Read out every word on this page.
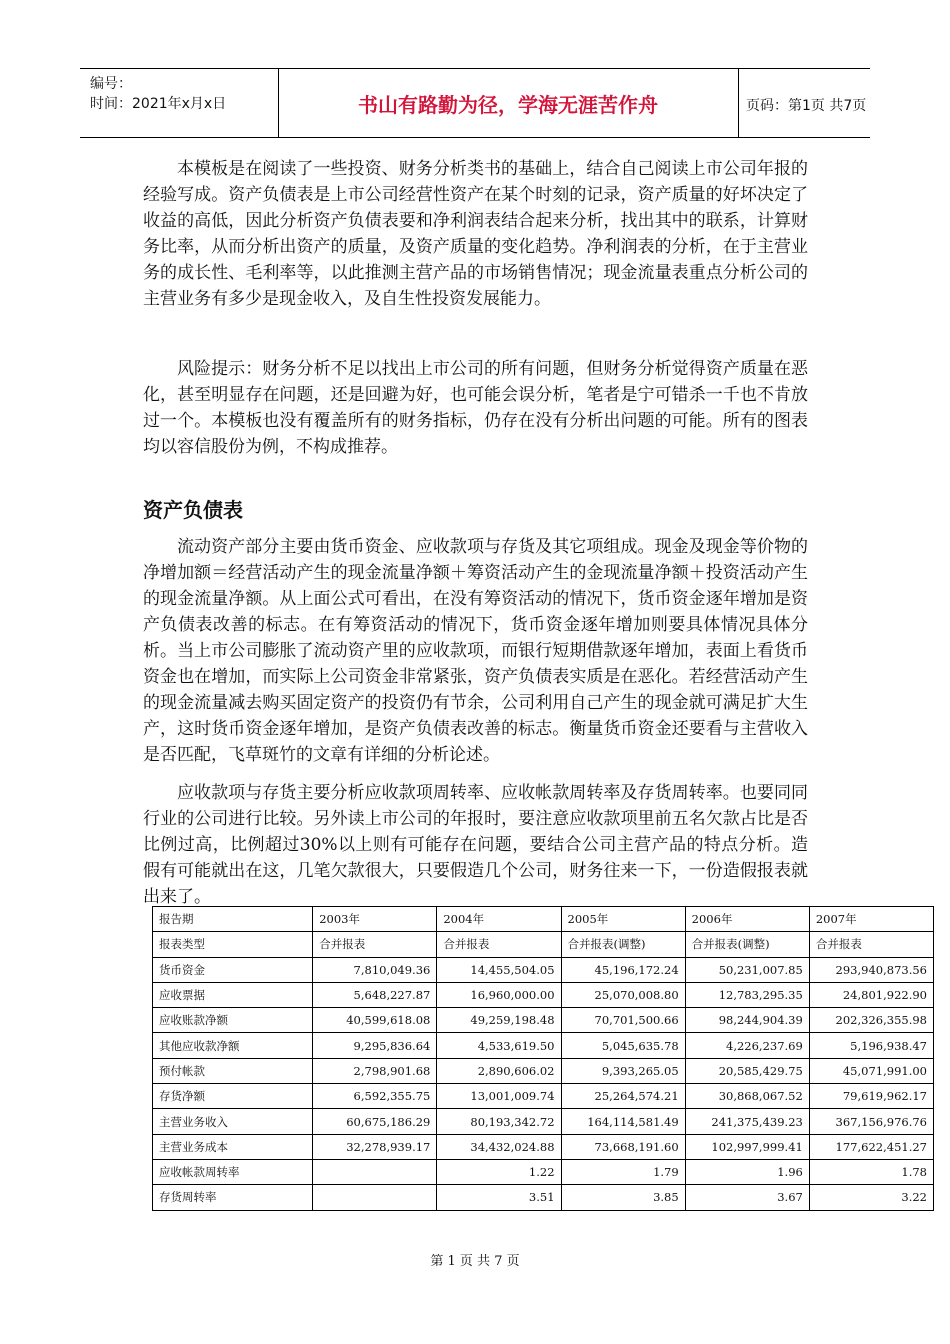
编号：
时间：2021年x月x日	书山有路勤为径，学海无涯苦作舟	页码：第1页 共7页

本模板是在阅读了一些投资、财务分析类书的基础上，结合自己阅读上市公司年报的经验写成。资产负债表是上市公司经营性资产在某个时刻的记录，资产质量的好坏决定了收益的高低，因此分析资产负债表要和净利润表结合起来分析，找出其中的联系，计算财务比率，从而分析出资产的质量，及资产质量的变化趋势。净利润表的分析，在于主营业务的成长性、毛利率等，以此推测主营产品的市场销售情况；现金流量表重点分析公司的主营业务有多少是现金收入，及自生性投资发展能力。

风险提示：财务分析不足以找出上市公司的所有问题，但财务分析觉得资产质量在恶化，甚至明显存在问题，还是回避为好，也可能会误分析，笔者是宁可错杀一千也不肯放过一个。本模板也没有覆盖所有的财务指标，仍存在没有分析出问题的可能。所有的图表均以容信股份为例，不构成推荐。

资产负债表

流动资产部分主要由货币资金、应收款项与存货及其它项组成。现金及现金等价物的净增加额＝经营活动产生的现金流量净额＋筹资活动产生的金现流量净额＋投资活动产生的现金流量净额。从上面公式可看出，在没有筹资活动的情况下，货币资金逐年增加是资产负债表改善的标志。在有筹资活动的情况下，货币资金逐年增加则要具体情况具体分析。当上市公司膨胀了流动资产里的应收款项，而银行短期借款逐年增加，表面上看货币资金也在增加，而实际上公司资金非常紧张，资产负债表实质是在恶化。若经营活动产生的现金流量减去购买固定资产的投资仍有节余，公司利用自己产生的现金就可满足扩大生产，这时货币资金逐年增加，是资产负债表改善的标志。衡量货币资金还要看与主营收入是否匹配，飞草斑竹的文章有详细的分析论述。

应收款项与存货主要分析应收款项周转率、应收帐款周转率及存货周转率。也要同同行业的公司进行比较。另外读上市公司的年报时，要注意应收款项里前五名欠款占比是否比例过高，比例超过30%以上则有可能存在问题，要结合公司主营产品的特点分析。造假有可能就出在这，几笔欠款很大，只要假造几个公司，财务往来一下，一份造假报表就出来了。

报告期	2003年	2004年	2005年	2006年	2007年
报表类型	合并报表	合并报表	合并报表(调整)	合并报表(调整)	合并报表
货币资金	7,810,049.36	14,455,504.05	45,196,172.24	50,231,007.85	293,940,873.56
应收票据	5,648,227.87	16,960,000.00	25,070,008.80	12,783,295.35	24,801,922.90
应收账款净额	40,599,618.08	49,259,198.48	70,701,500.66	98,244,904.39	202,326,355.98
其他应收款净额	9,295,836.64	4,533,619.50	5,045,635.78	4,226,237.69	5,196,938.47
预付帐款	2,798,901.68	2,890,606.02	9,393,265.05	20,585,429.75	45,071,991.00
存货净额	6,592,355.75	13,001,009.74	25,264,574.21	30,868,067.52	79,619,962.17
主营业务收入	60,675,186.29	80,193,342.72	164,114,581.49	241,375,439.23	367,156,976.76
主营业务成本	32,278,939.17	34,432,024.88	73,668,191.60	102,997,999.41	177,622,451.27
应收帐款周转率		1.22	1.79	1.96	1.78
存货周转率		3.51	3.85	3.67	3.22
第 1 页 共 7 页
